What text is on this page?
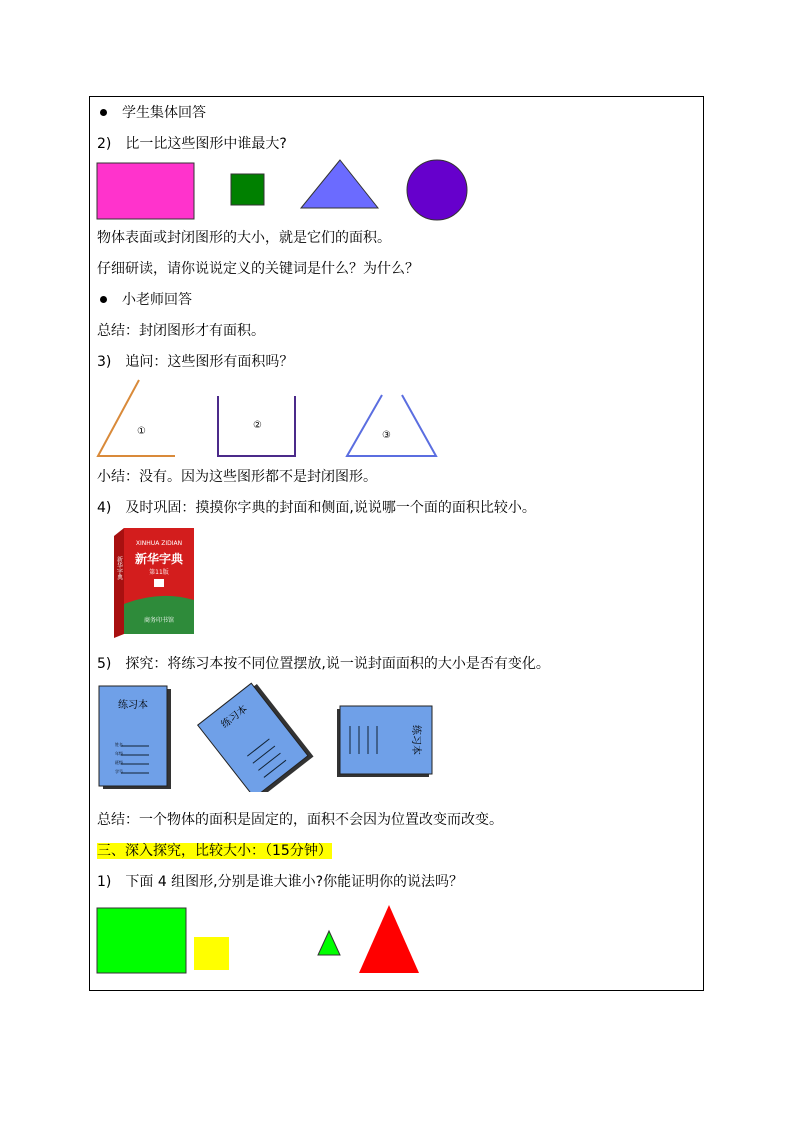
学生集体回答
2) 比一比这些图形中谁最大?
物体表面或封闭图形的大小，就是它们的面积。
仔细研读，请你说说定义的关键词是什么？为什么？
小老师回答
总结：封闭图形才有面积。
3) 追问：这些图形有面积吗？
①
②
③
小结：没有。因为这些图形都不是封闭图形。
4) 及时巩固：摸摸你字典的封面和侧面,说说哪一个面的面积比较小。
XINHUA ZIDIAN
新华字典
第11版
商务印书馆
新华字典
5) 探究：将练习本按不同位置摆放,说一说封面面积的大小是否有变化。
练习本
姓名
年级
班级
学号
练习本
练习本
总结：一个物体的面积是固定的，面积不会因为位置改变而改变。
三、深入探究，比较大小：（15分钟）
1) 下面 4 组图形,分别是谁大谁小?你能证明你的说法吗？
